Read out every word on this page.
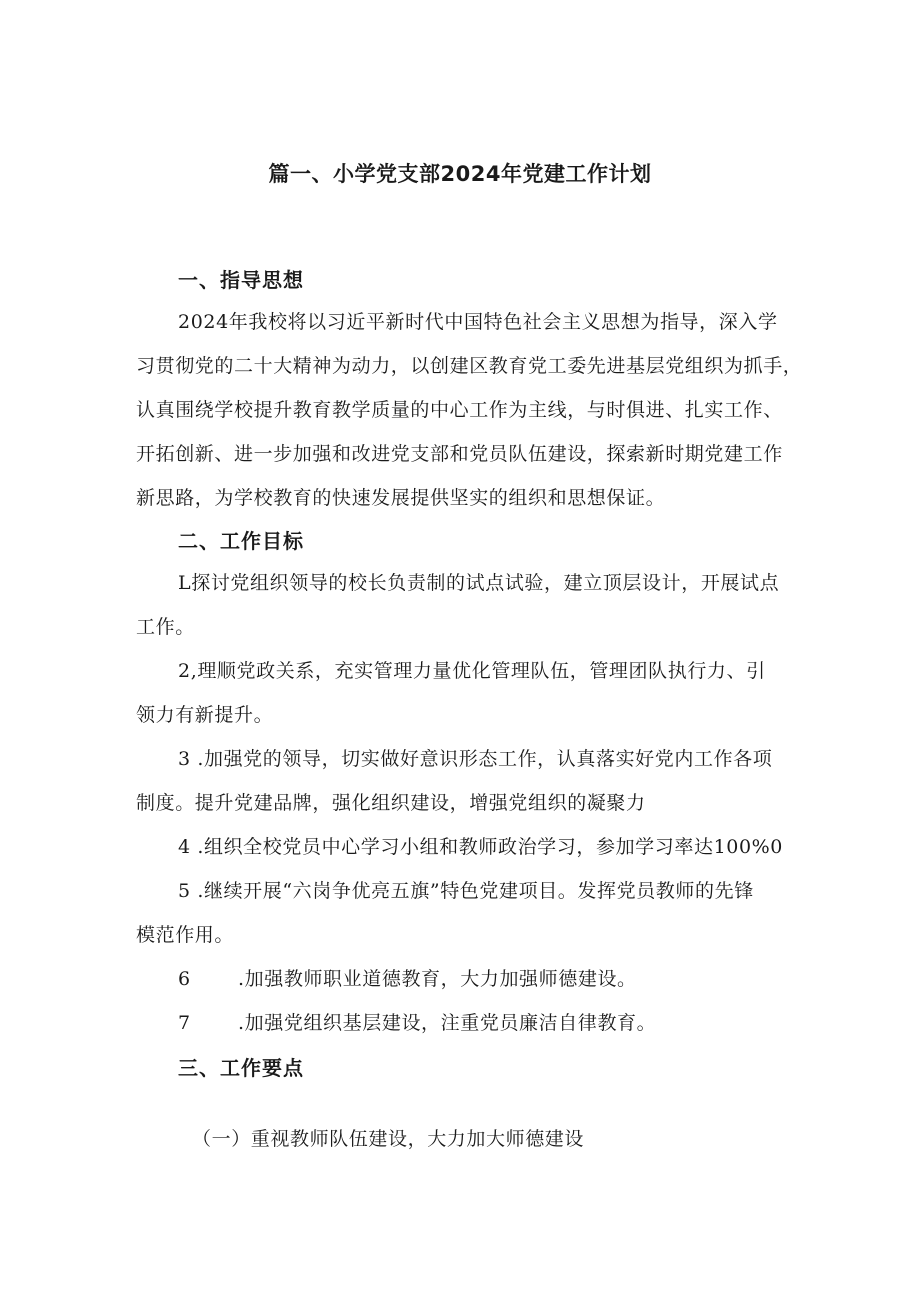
篇一、小学党支部2024年党建工作计划
一、指导思想
2024年我校将以习近平新时代中国特色社会主义思想为指导，深入学
习贯彻党的二十大精神为动力，以创建区教育党工委先进基层党组织为抓手，
认真围绕学校提升教育教学质量的中心工作为主线，与时俱进、扎实工作、
开拓创新、进一步加强和改进党支部和党员队伍建设，探索新时期党建工作
新思路，为学校教育的快速发展提供坚实的组织和思想保证。
二、工作目标
L探讨党组织领导的校长负责制的试点试验，建立顶层设计，开展试点
工作。
2,理顺党政关系，充实管理力量优化管理队伍，管理团队执行力、引
领力有新提升。
3 .加强党的领导，切实做好意识形态工作，认真落实好党内工作各项
制度。提升党建品牌，强化组织建设，增强党组织的凝聚力
4 .组织全校党员中心学习小组和教师政治学习，参加学习率达100%0
5 .继续开展“六岗争优亮五旗”特色党建项目。发挥党员教师的先锋
模范作用。
6 .加强教师职业道德教育，大力加强师德建设。
7 .加强党组织基层建设，注重党员廉洁自律教育。
三、工作要点
（一）重视教师队伍建设，大力加大师德建设
